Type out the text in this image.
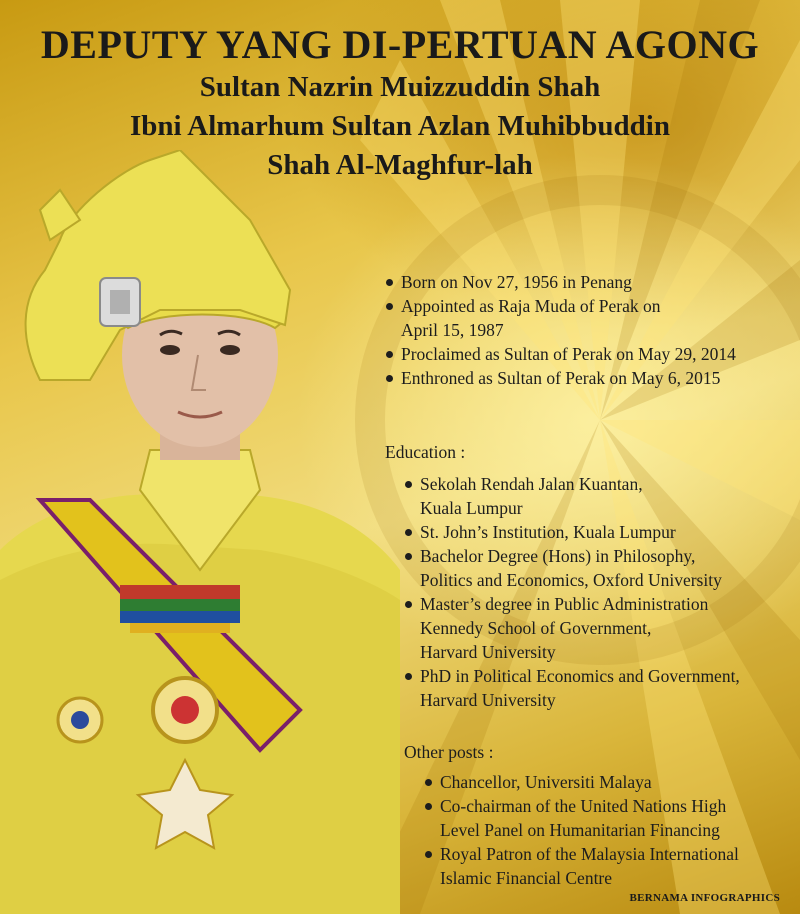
DEPUTY YANG DI-PERTUAN AGONG
Sultan Nazrin Muizzuddin Shah
Ibni Almarhum Sultan Azlan Muhibbuddin
Shah Al-Maghfur-lah
Born on Nov 27, 1956 in Penang
Appointed as Raja Muda of Perak on
April 15, 1987
Proclaimed as Sultan of Perak on May 29, 2014
Enthroned as Sultan of Perak on May 6, 2015
Education :
Sekolah Rendah Jalan Kuantan,
Kuala Lumpur
St. John’s Institution, Kuala Lumpur
Bachelor Degree (Hons) in Philosophy,
Politics and Economics, Oxford University
Master’s degree in Public Administration
Kennedy School of Government,
Harvard University
PhD in Political Economics and Government,
Harvard University
Other posts :
Chancellor, Universiti Malaya
Co-chairman of the United Nations High
Level Panel on Humanitarian Financing
Royal Patron of the Malaysia International
Islamic Financial Centre
BERNAMA INFOGRAPHICS
